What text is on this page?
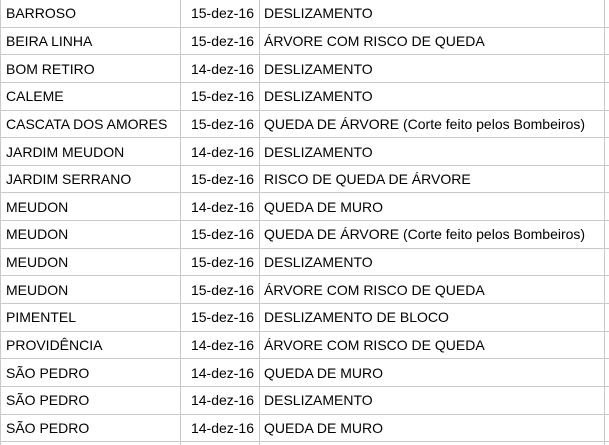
BARROSO	15-dez-16 DESLIZAMENTO
BEIRA LINHA	15-dez-16 ÁRVORE COM RISCO DE QUEDA
BOM RETIRO	14-dez-16 DESLIZAMENTO
CALEME	15-dez-16 DESLIZAMENTO
CASCATA DOS AMORES	15-dez-16 QUEDA DE ÁRVORE (Corte feito pelos Bombeiros)
JARDIM MEUDON	14-dez-16 DESLIZAMENTO
JARDIM SERRANO	15-dez-16 RISCO DE QUEDA DE ÁRVORE
MEUDON	14-dez-16 QUEDA DE MURO
MEUDON	15-dez-16 QUEDA DE ÁRVORE (Corte feito pelos Bombeiros)
MEUDON	15-dez-16 DESLIZAMENTO
MEUDON	15-dez-16 ÁRVORE COM RISCO DE QUEDA
PIMENTEL	15-dez-16 DESLIZAMENTO DE BLOCO
PROVIDÊNCIA	14-dez-16 ÁRVORE COM RISCO DE QUEDA
SÃO PEDRO	14-dez-16 QUEDA DE MURO
SÃO PEDRO	14-dez-16 DESLIZAMENTO
SÃO PEDRO	14-dez-16 QUEDA DE MURO
